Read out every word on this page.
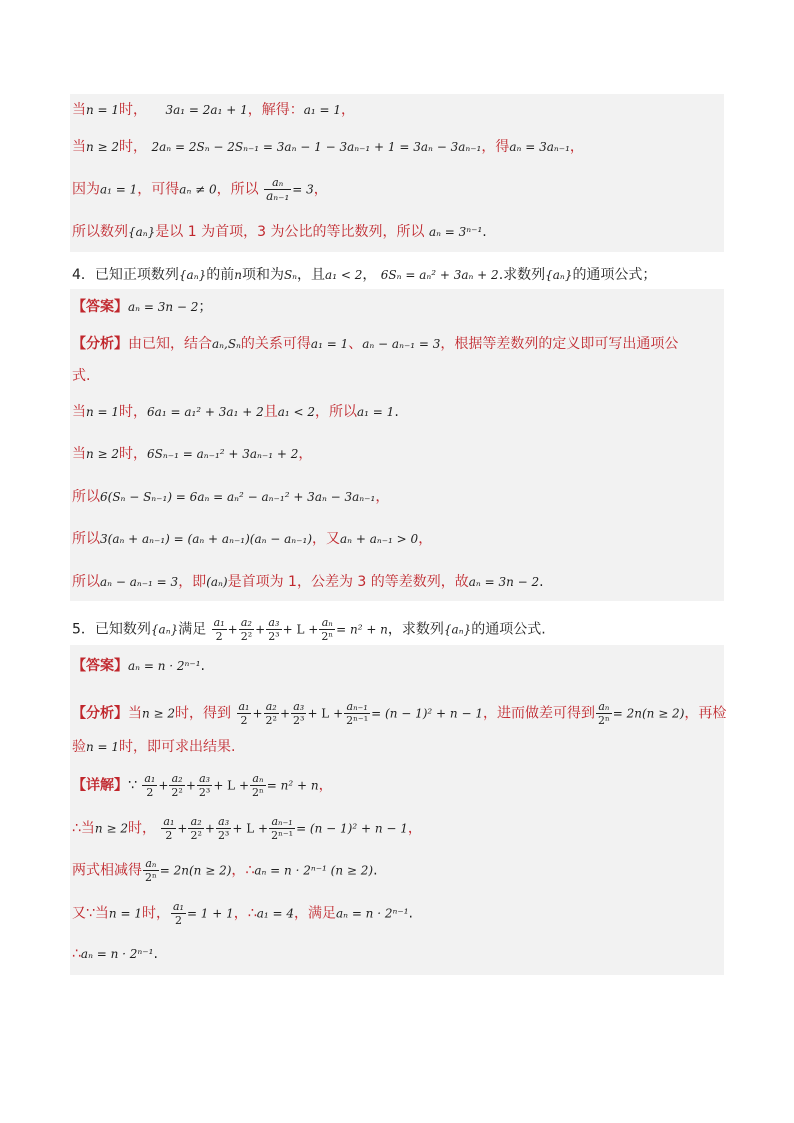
当n = 1时， 3a₁ = 2a₁ + 1，解得：a₁ = 1，
当n ≥ 2时， 2aₙ = 2Sₙ − 2Sₙ₋₁ = 3aₙ − 1 − 3aₙ₋₁ + 1 = 3aₙ − 3aₙ₋₁，得aₙ = 3aₙ₋₁，
因为a₁ = 1，可得aₙ ≠ 0，所以 $\frac{\text{aₙ}}{\text{aₙ₋₁}} = 3$，
所以数列{aₙ}是以 1 为首项，3 为公比的等比数列，所以 aₙ = 3ⁿ⁻¹.
4．已知正项数列{aₙ}的前n项和为Sₙ，且a₁ < 2， 6Sₙ = aₙ² + 3aₙ + 2.求数列{aₙ}的通项公式；
【答案】aₙ = 3n − 2；
【分析】由已知，结合aₙ,Sₙ的关系可得a₁ = 1、aₙ − aₙ₋₁ = 3，根据等差数列的定义即可写出通项公
式.
当n = 1时，6a₁ = a₁² + 3a₁ + 2且a₁ < 2，所以a₁ = 1.
当n ≥ 2时，6Sₙ₋₁ = aₙ₋₁² + 3aₙ₋₁ + 2，
所以6(Sₙ − Sₙ₋₁) = 6aₙ = aₙ² − aₙ₋₁² + 3aₙ − 3aₙ₋₁，
所以3(aₙ + aₙ₋₁) = (aₙ + aₙ₋₁)(aₙ − aₙ₋₁)，又aₙ + aₙ₋₁ > 0，
所以aₙ − aₙ₋₁ = 3，即(aₙ)是首项为 1，公差为 3 的等差数列，故aₙ = 3n − 2.
5．已知数列{aₙ}满足 $\frac{\text{a₁}}{2} + \frac{\text{a₂}}{\text{2²}} + \frac{\text{a₃}}{\text{2³}} + L + \frac{\text{aₙ}}{\text{2ⁿ}} = n^2 + n$，求数列{aₙ}的通项公式.
【答案】aₙ = n · 2ⁿ⁻¹.
【分析】当n ≥ 2时，得到 $\frac{\text{a₁}}{2} + \frac{\text{a₂}}{\text{2²}} + \frac{\text{a₃}}{\text{2³}} + L + \frac{\text{aₙ₋₁}}{\text{2ⁿ⁻¹}} = (n - 1)^2 + n - 1$，进而做差可得到 $\frac{\text{aₙ}}{\text{2ⁿ}} = 2n(n \ge 2)$，再检
验n = 1时，即可求出结果.
【详解】∵ $\frac{\text{a₁}}{2} + \frac{\text{a₂}}{\text{2²}} + \frac{\text{a₃}}{\text{2³}} + L + \frac{\text{aₙ}}{\text{2ⁿ}} = n^2 + n$，
∴当n ≥ 2时， $\frac{\text{a₁}}{2} + \frac{\text{a₂}}{\text{2²}} + \frac{\text{a₃}}{\text{2³}} + L + \frac{\text{aₙ₋₁}}{\text{2ⁿ⁻¹}} = (n - 1)^2 + n - 1$，
两式相减得 $\frac{\text{aₙ}}{\text{2ⁿ}} = 2n(n \ge 2)$，∴aₙ = n · 2ⁿ⁻¹ (n ≥ 2).
又∵当n = 1时， $\frac{\text{a₁}}{2} = 1 + 1$，∴a₁ = 4，满足aₙ = n · 2ⁿ⁻¹.
∴aₙ = n · 2ⁿ⁻¹.
